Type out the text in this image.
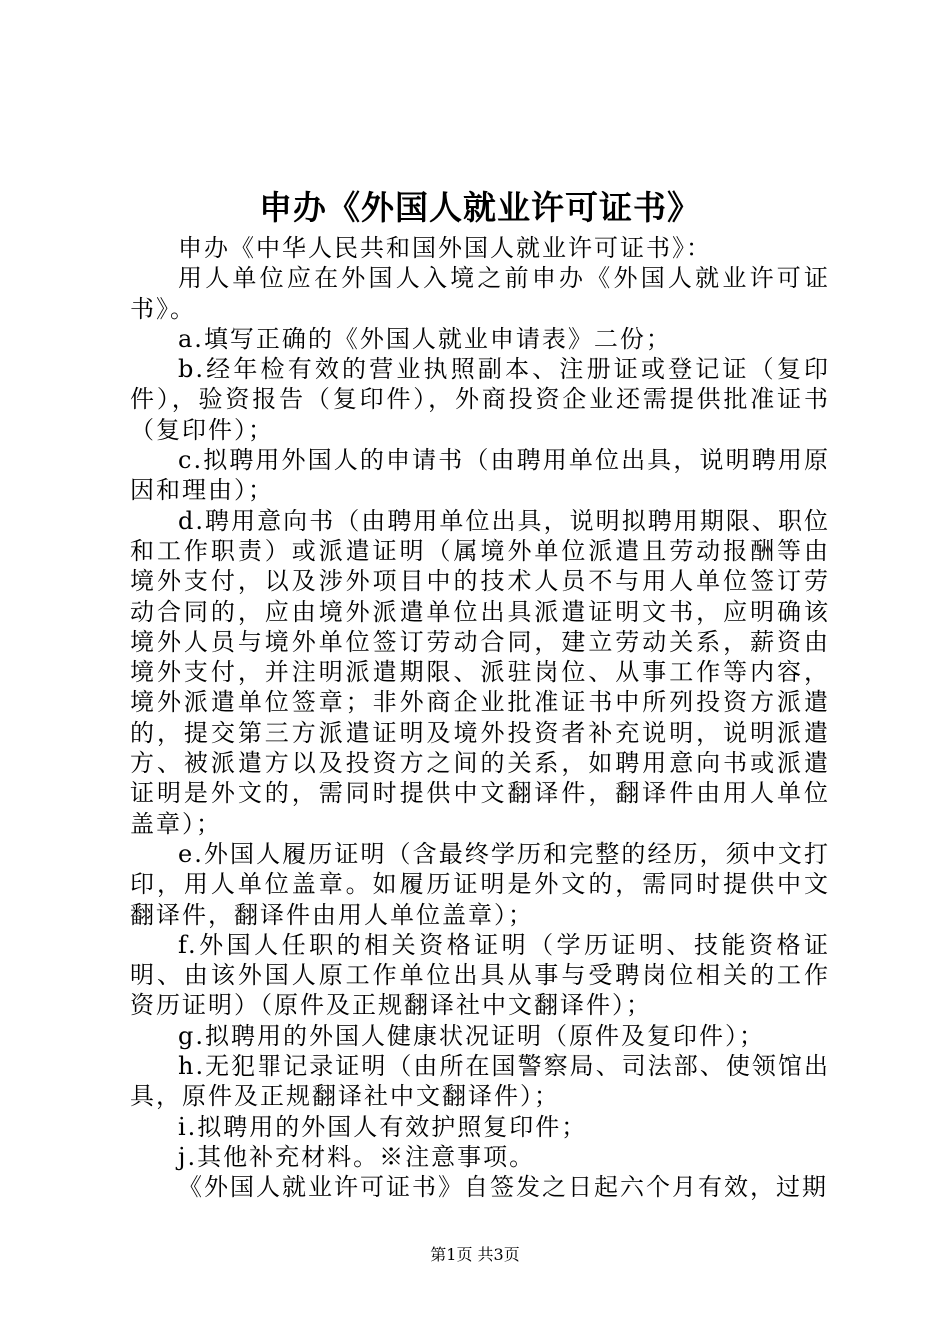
申办《外国人就业许可证书》

申办《中华人民共和国外国人就业许可证书》：

用人单位应在外国人入境之前申办《外国人就业许可证书》。

a.填写正确的《外国人就业申请表》二份；

b.经年检有效的营业执照副本、注册证或登记证（复印件），验资报告（复印件），外商投资企业还需提供批准证书（复印件）；

c.拟聘用外国人的申请书（由聘用单位出具，说明聘用原因和理由）；

d.聘用意向书（由聘用单位出具，说明拟聘用期限、职位和工作职责）或派遣证明（属境外单位派遣且劳动报酬等由境外支付，以及涉外项目中的技术人员不与用人单位签订劳动合同的，应由境外派遣单位出具派遣证明文书，应明确该境外人员与境外单位签订劳动合同，建立劳动关系，薪资由境外支付，并注明派遣期限、派驻岗位、从事工作等内容，境外派遣单位签章；非外商企业批准证书中所列投资方派遣的，提交第三方派遣证明及境外投资者补充说明，说明派遣方、被派遣方以及投资方之间的关系，如聘用意向书或派遣证明是外文的，需同时提供中文翻译件，翻译件由用人单位盖章）；

e.外国人履历证明（含最终学历和完整的经历，须中文打印，用人单位盖章。如履历证明是外文的，需同时提供中文翻译件，翻译件由用人单位盖章）；

f.外国人任职的相关资格证明（学历证明、技能资格证明、由该外国人原工作单位出具从事与受聘岗位相关的工作资历证明）（原件及正规翻译社中文翻译件）；

g.拟聘用的外国人健康状况证明（原件及复印件）；

h.无犯罪记录证明（由所在国警察局、司法部、使领馆出具，原件及正规翻译社中文翻译件）；

i.拟聘用的外国人有效护照复印件；

j.其他补充材料。※注意事项。

《外国人就业许可证书》自签发之日起六个月有效，过期

第1页 共3页
